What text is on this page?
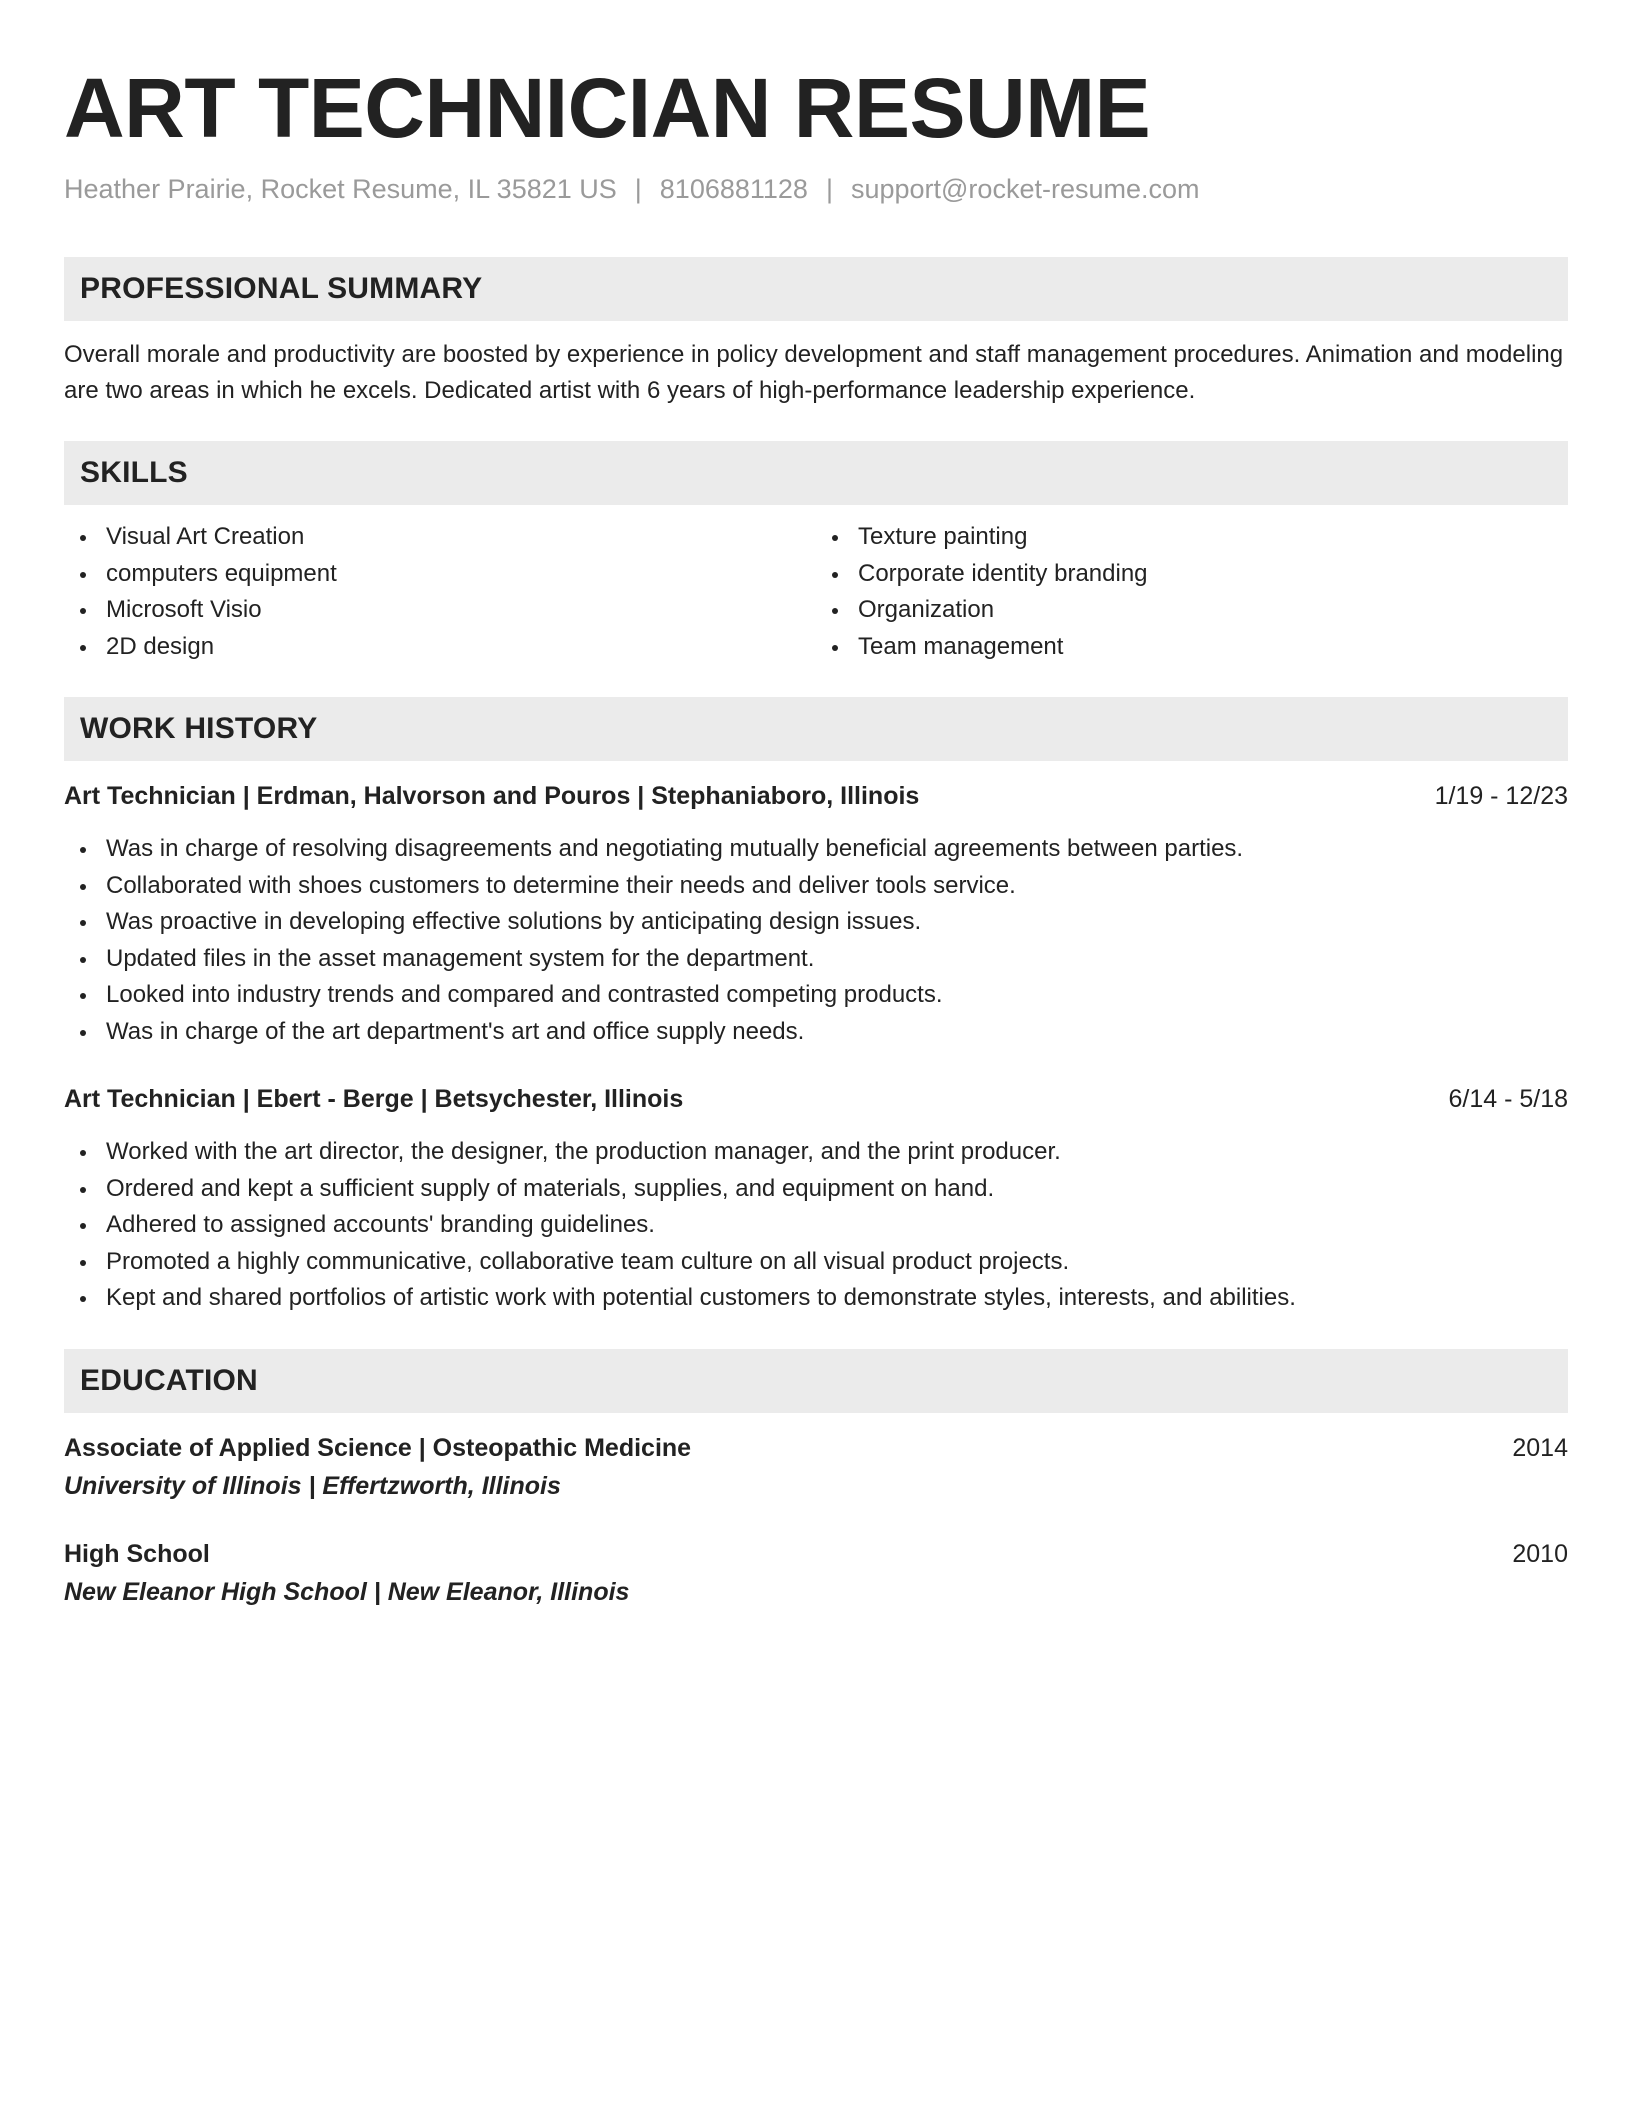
ART TECHNICIAN RESUME
Heather Prairie, Rocket Resume, IL 35821 US | 8106881128 | support@rocket-resume.com
PROFESSIONAL SUMMARY

Overall morale and productivity are boosted by experience in policy development and staff management procedures. Animation and modeling are two areas in which he excels. Dedicated artist with 6 years of high-performance leadership experience.

SKILLS
Visual Art Creation
computers equipment
Microsoft Visio
2D design
Texture painting
Corporate identity branding
Organization
Team management
WORK HISTORY
Art Technician | Erdman, Halvorson and Pouros | Stephaniaboro, Illinois	1/19 - 12/23
Was in charge of resolving disagreements and negotiating mutually beneficial agreements between parties.
Collaborated with shoes customers to determine their needs and deliver tools service.
Was proactive in developing effective solutions by anticipating design issues.
Updated files in the asset management system for the department.
Looked into industry trends and compared and contrasted competing products.
Was in charge of the art department's art and office supply needs.
Art Technician | Ebert - Berge | Betsychester, Illinois	6/14 - 5/18
Worked with the art director, the designer, the production manager, and the print producer.
Ordered and kept a sufficient supply of materials, supplies, and equipment on hand.
Adhered to assigned accounts' branding guidelines.
Promoted a highly communicative, collaborative team culture on all visual product projects.
Kept and shared portfolios of artistic work with potential customers to demonstrate styles, interests, and abilities.
EDUCATION
Associate of Applied Science | Osteopathic Medicine	2014
University of Illinois | Effertzworth, Illinois
High School	2010
New Eleanor High School | New Eleanor, Illinois
